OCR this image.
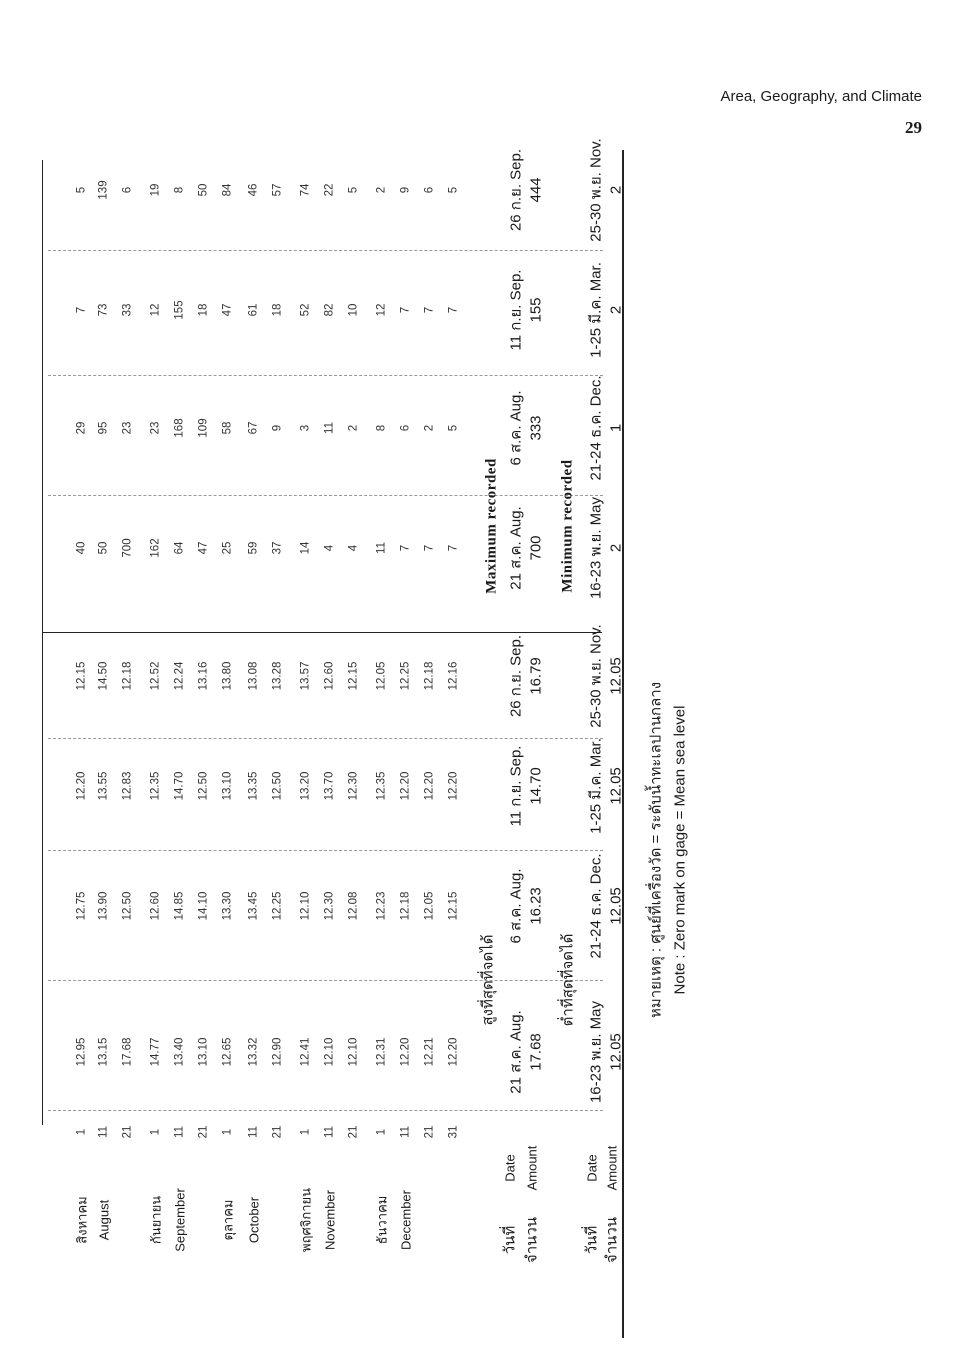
Area, Geography, and Climate
29
สิงหาคม August
1
12.95
12.75
12.20
12.15
40
29
7
5
11
13.15
13.90
13.55
14.50
50
95
73
139
21
17.68
12.50
12.83
12.18
700
23
33
6
กันยายน September
1
14.77
12.60
12.35
12.52
162
23
12
19
11
13.40
14.85
14.70
12.24
64
168
155
8
21
13.10
14.10
12.50
13.16
47
109
18
50
ตุลาคม October
1
12.65
13.30
13.10
13.80
25
58
47
84
11
13.32
13.45
13.35
13.08
59
67
61
46
21
12.90
12.25
12.50
13.28
37
9
18
57
พฤศจิกายน November
1
12.41
12.10
13.20
13.57
14
3
52
74
11
12.10
12.30
13.70
12.60
4
11
82
22
21
12.10
12.08
12.30
12.15
4
2
10
5
ธันวาคม December
1
12.31
12.23
12.35
12.05
11
8
12
2
11
12.20
12.18
12.20
12.25
7
6
7
9
21
12.21
12.05
12.20
12.18
7
2
7
6
31
12.20
12.15
12.20
12.16
7
5
7
5
วันที่ จำนวน
Date Amount
วันที่ จำนวน
Date Amount
สูงที่สุดที่จดได้	ต่ำที่สุดที่จดได้
Maximum recorded	Minimum recorded
21 ส.ค. Aug. 17.68
6 ส.ค. Aug. 16.23
11 ก.ย. Sep. 14.70
26 ก.ย. Sep. 16.79
21 ส.ค. Aug. 700
6 ส.ค. Aug. 333
11 ก.ย. Sep. 155
26 ก.ย. Sep. 444
16-23 พ.ย. May 12.05
21-24 ธ.ค. Dec. 12.05
1-25 มี.ค. Mar. 12.05
25-30 พ.ย. Nov. 12.05
16-23 พ.ย. May 2
21-24 ธ.ค. Dec. 1
1-25 มี.ค. Mar. 2
25-30 พ.ย. Nov. 2
หมายเหตุ : ศูนย์ที่เครื่องวัด = ระดับน้ำทะเลปานกลาง Note : Zero mark on gage = Mean sea level
